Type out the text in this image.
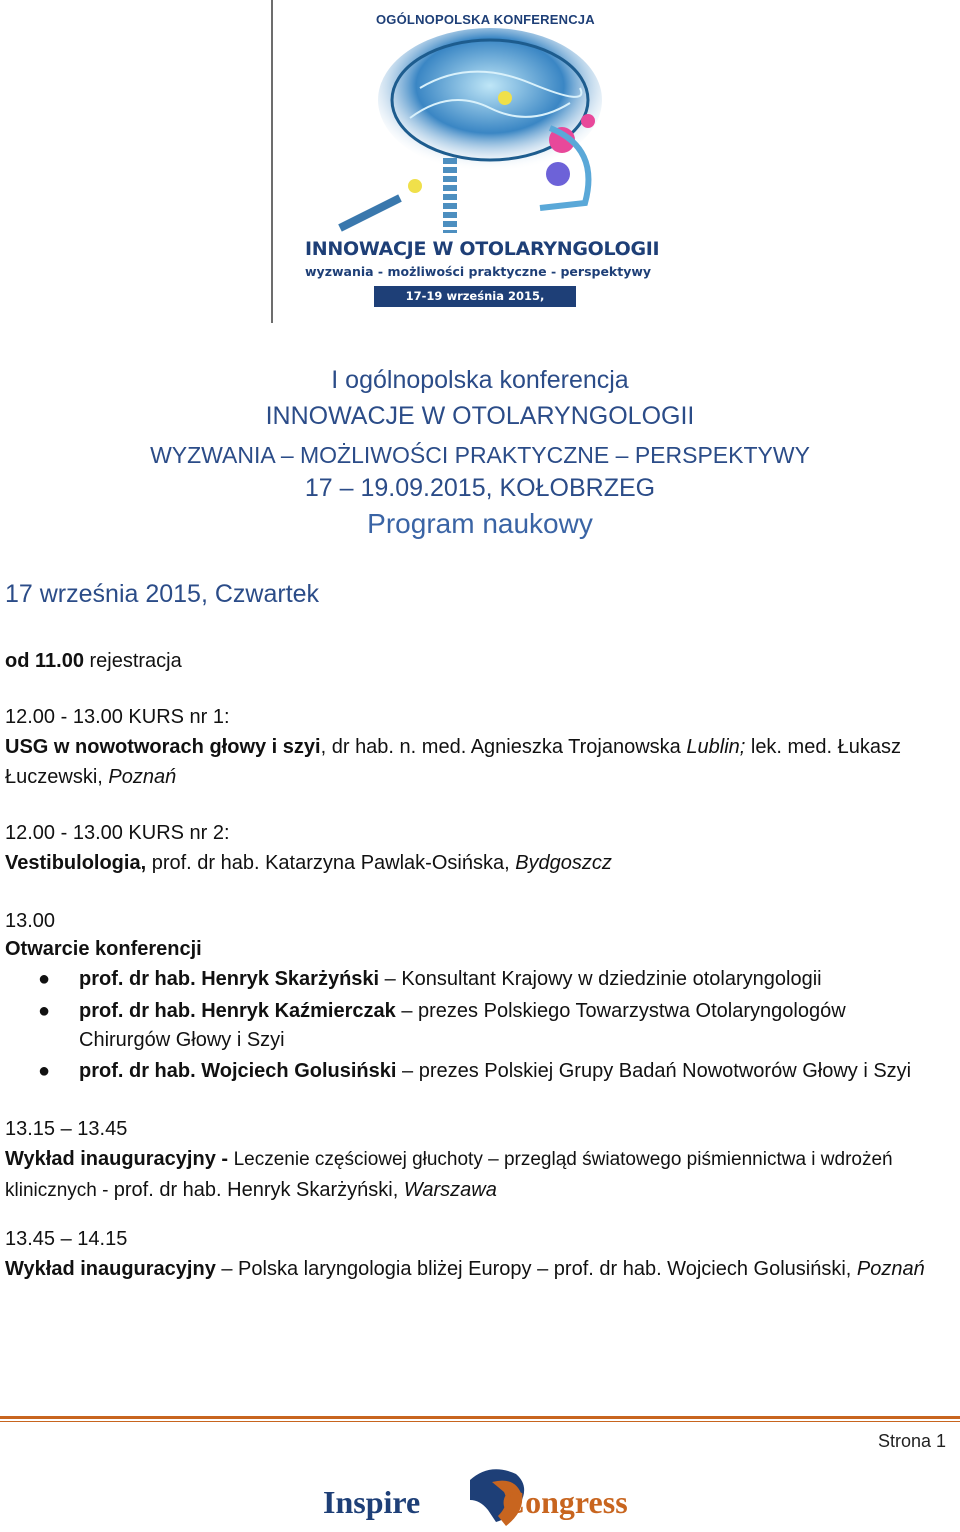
OGÓLNOPOLSKA KONFERENCJA
INNOWACJE W OTOLARYNGOLOGII
wyzwania - możliwości praktyczne - perspektywy
17-19 września 2015, Kołobrzeg
I ogólnopolska konferencja
INNOWACJE W OTOLARYNGOLOGII
WYZWANIA – MOŻLIWOŚCI PRAKTYCZNE – PERSPEKTYWY
17 – 19.09.2015, KOŁOBRZEG
Program naukowy
17 września 2015, Czwartek
od 11.00 rejestracja
12.00 - 13.00 KURS nr 1:
USG w nowotworach głowy i szyi, dr hab. n. med. Agnieszka Trojanowska Lublin; lek. med. Łukasz
Łuczewski, Poznań
12.00 - 13.00 KURS nr 2:
Vestibulologia, prof. dr hab. Katarzyna Pawlak-Osińska, Bydgoszcz
13.00
Otwarcie konferencji
● prof. dr hab. Henryk Skarżyński – Konsultant Krajowy w dziedzinie otolaryngologii
● prof. dr hab. Henryk Kaźmierczak – prezes Polskiego Towarzystwa Otolaryngologów
Chirurgów Głowy i Szyi
● prof. dr hab. Wojciech Golusiński – prezes Polskiej Grupy Badań Nowotworów Głowy i Szyi
13.15 – 13.45
Wykład inauguracyjny - Leczenie częściowej głuchoty – przegląd światowego piśmiennictwa i wdrożeń
klinicznych - prof. dr hab. Henryk Skarżyński, Warszawa
13.45 – 14.15
Wykład inauguracyjny – Polska laryngologia bliżej Europy – prof. dr hab. Wojciech Golusiński, Poznań
Strona 1
Inspire	Congress
